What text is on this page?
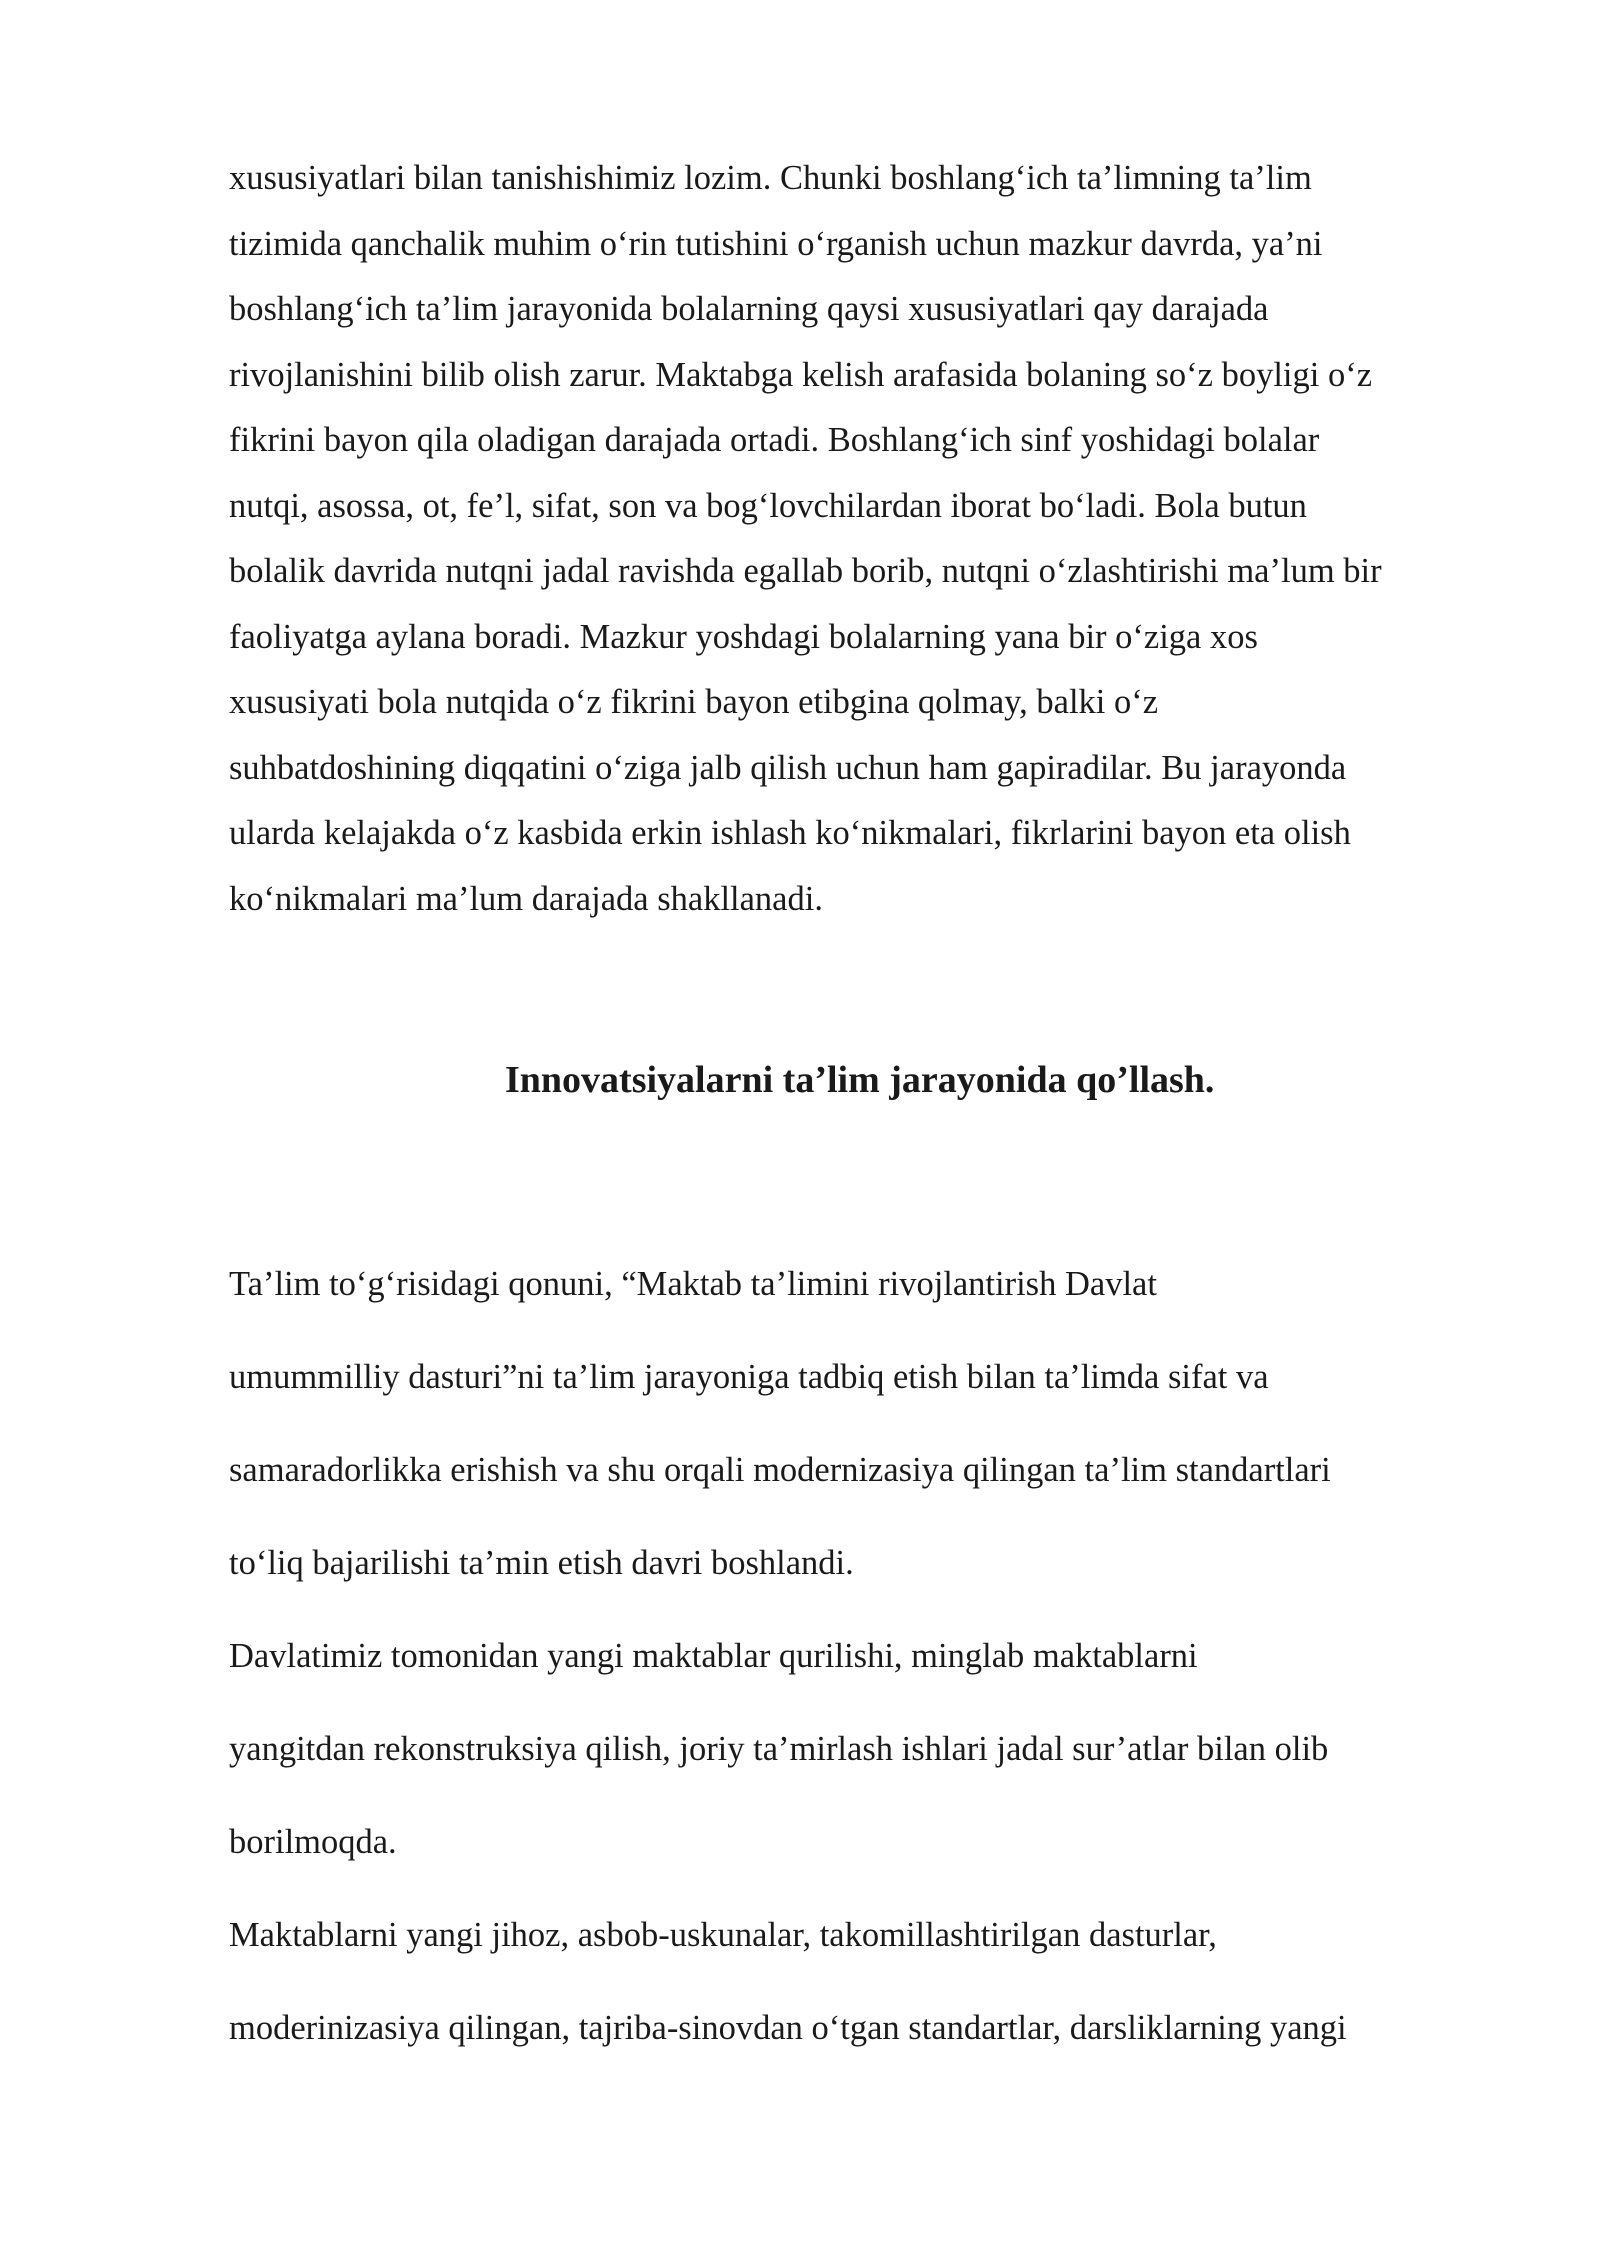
xususiyatlari bilan tanishishimiz lozim. Chunki boshlang‘ich ta’limning ta’lim
tizimida qanchalik muhim o‘rin tutishini o‘rganish uchun mazkur davrda, ya’ni
boshlang‘ich ta’lim jarayonida bolalarning qaysi xususiyatlari qay darajada
rivojlanishini bilib olish zarur. Maktabga kelish arafasida bolaning so‘z boyligi o‘z
fikrini bayon qila oladigan darajada ortadi. Boshlang‘ich sinf yoshidagi bolalar
nutqi, asossa, ot, fe’l, sifat, son va bog‘lovchilardan iborat bo‘ladi. Bola butun
bolalik davrida nutqni jadal ravishda egallab borib, nutqni o‘zlashtirishi ma’lum bir
faoliyatga aylana boradi. Mazkur yoshdagi bolalarning yana bir o‘ziga xos
xususiyati bola nutqida o‘z fikrini bayon etibgina qolmay, balki o‘z
suhbatdoshining diqqatini o‘ziga jalb qilish uchun ham gapiradilar. Bu jarayonda
ularda kelajakda o‘z kasbida erkin ishlash ko‘nikmalari, fikrlarini bayon eta olish
ko‘nikmalari ma’lum darajada shakllanadi.

Innovatsiyalarni ta’lim jarayonida qo’llash.
Ta’lim to‘g‘risidagi qonuni, “Maktab ta’limini rivojlantirish Davlat
umummilliy dasturi”ni ta’lim jarayoniga tadbiq etish bilan ta’limda sifat va
samaradorlikka erishish va shu orqali modernizasiya qilingan ta’lim standartlari
to‘liq bajarilishi ta’min etish davri boshlandi.
Davlatimiz tomonidan yangi maktablar qurilishi, minglab maktablarni
yangitdan rekonstruksiya qilish, joriy ta’mirlash ishlari jadal sur’atlar bilan olib
borilmoqda.
Maktablarni yangi jihoz, asbob-uskunalar, takomillashtirilgan dasturlar,
moderinizasiya qilingan, tajriba-sinovdan o‘tgan standartlar, darsliklarning yangi
